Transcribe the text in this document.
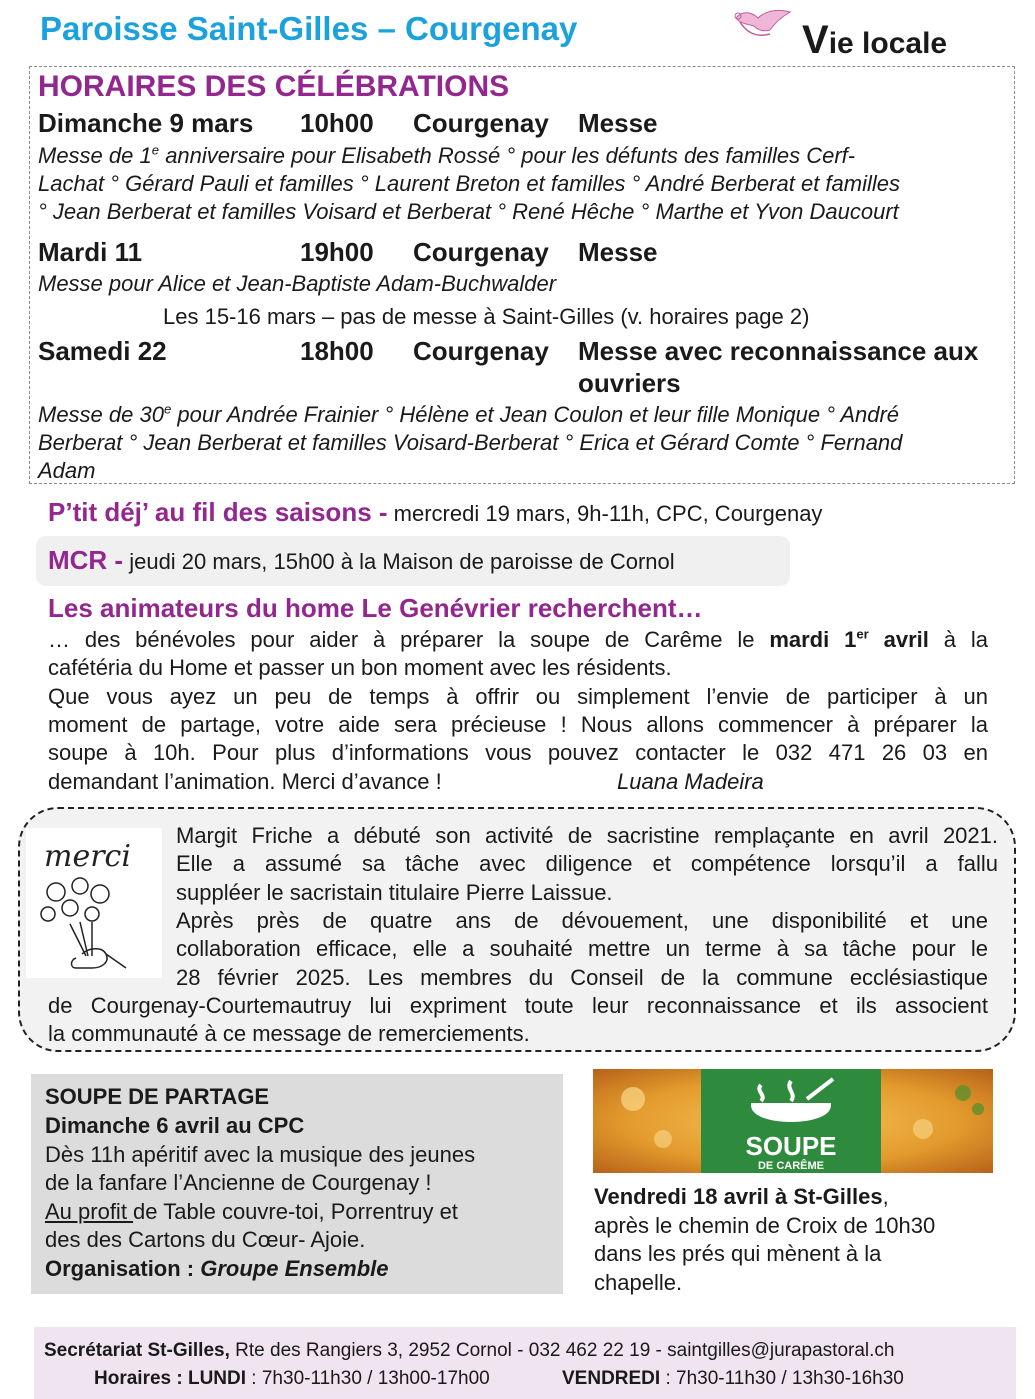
Paroisse Saint-Gilles – Courgenay	Vie locale
HORAIRES DES CÉLÉBRATIONS
Dimanche 9 mars 10h00 Courgenay Messe
Messe de 1e anniversaire pour Elisabeth Rossé ° pour les défunts des familles Cerf-
Lachat ° Gérard Pauli et familles ° Laurent Breton et familles ° André Berberat et familles
° Jean Berberat et familles Voisard et Berberat ° René Hêche ° Marthe et Yvon Daucourt
Mardi 11	19h00 Courgenay Messe
Messe pour Alice et Jean-Baptiste Adam-Buchwalder
Les 15-16 mars – pas de messe à Saint-Gilles (v. horaires page 2)
Samedi 22	18h00 Courgenay Messe avec reconnaissance aux
ouvriers
Messe de 30e pour Andrée Frainier ° Hélène et Jean Coulon et leur fille Monique ° André
Berberat ° Jean Berberat et familles Voisard-Berberat ° Erica et Gérard Comte ° Fernand
Adam
P’tit déj’ au fil des saisons - mercredi 19 mars, 9h-11h, CPC, Courgenay
MCR - jeudi 20 mars, 15h00 à la Maison de paroisse de Cornol
Les animateurs du home Le Genévrier recherchent…
… des bénévoles pour aider à préparer la soupe de Carême le mardi 1er avril à la
cafétéria du Home et passer un bon moment avec les résidents.
Que vous ayez un peu de temps à offrir ou simplement l’envie de participer à un
moment de partage, votre aide sera précieuse ! Nous allons commencer à préparer la
soupe à 10h. Pour plus d’informations vous pouvez contacter le 032 471 26 03 en
demandant l’animation. Merci d’avance !	Luana Madeira
merci
Margit Friche a débuté son activité de sacristine remplaçante en avril 2021.
Elle a assumé sa tâche avec diligence et compétence lorsqu’il a fallu
suppléer le sacristain titulaire Pierre Laissue.
Après près de quatre ans de dévouement, une disponibilité et une
collaboration efficace, elle a souhaité mettre un terme à sa tâche pour le
28 février 2025. Les membres du Conseil de la commune ecclésiastique
de Courgenay-Courtemautruy lui expriment toute leur reconnaissance et ils associent
la communauté à ce message de remerciements.
SOUPE DE PARTAGE
Dimanche 6 avril au CPC
Dès 11h apéritif avec la musique des jeunes
de la fanfare l’Ancienne de Courgenay !
Au profit de Table couvre-toi, Porrentruy et
des des Cartons du Cœur- Ajoie.
Organisation : Groupe Ensemble
SOUPE
DE CARÊME
Vendredi 18 avril à St-Gilles,
après le chemin de Croix de 10h30
dans les prés qui mènent à la
chapelle.
Secrétariat St-Gilles, Rte des Rangiers 3, 2952 Cornol - 032 462 22 19 - saintgilles@jurapastoral.ch
Horaires : LUNDI : 7h30-11h30 / 13h00-17h00	VENDREDI : 7h30-11h30 / 13h30-16h30
